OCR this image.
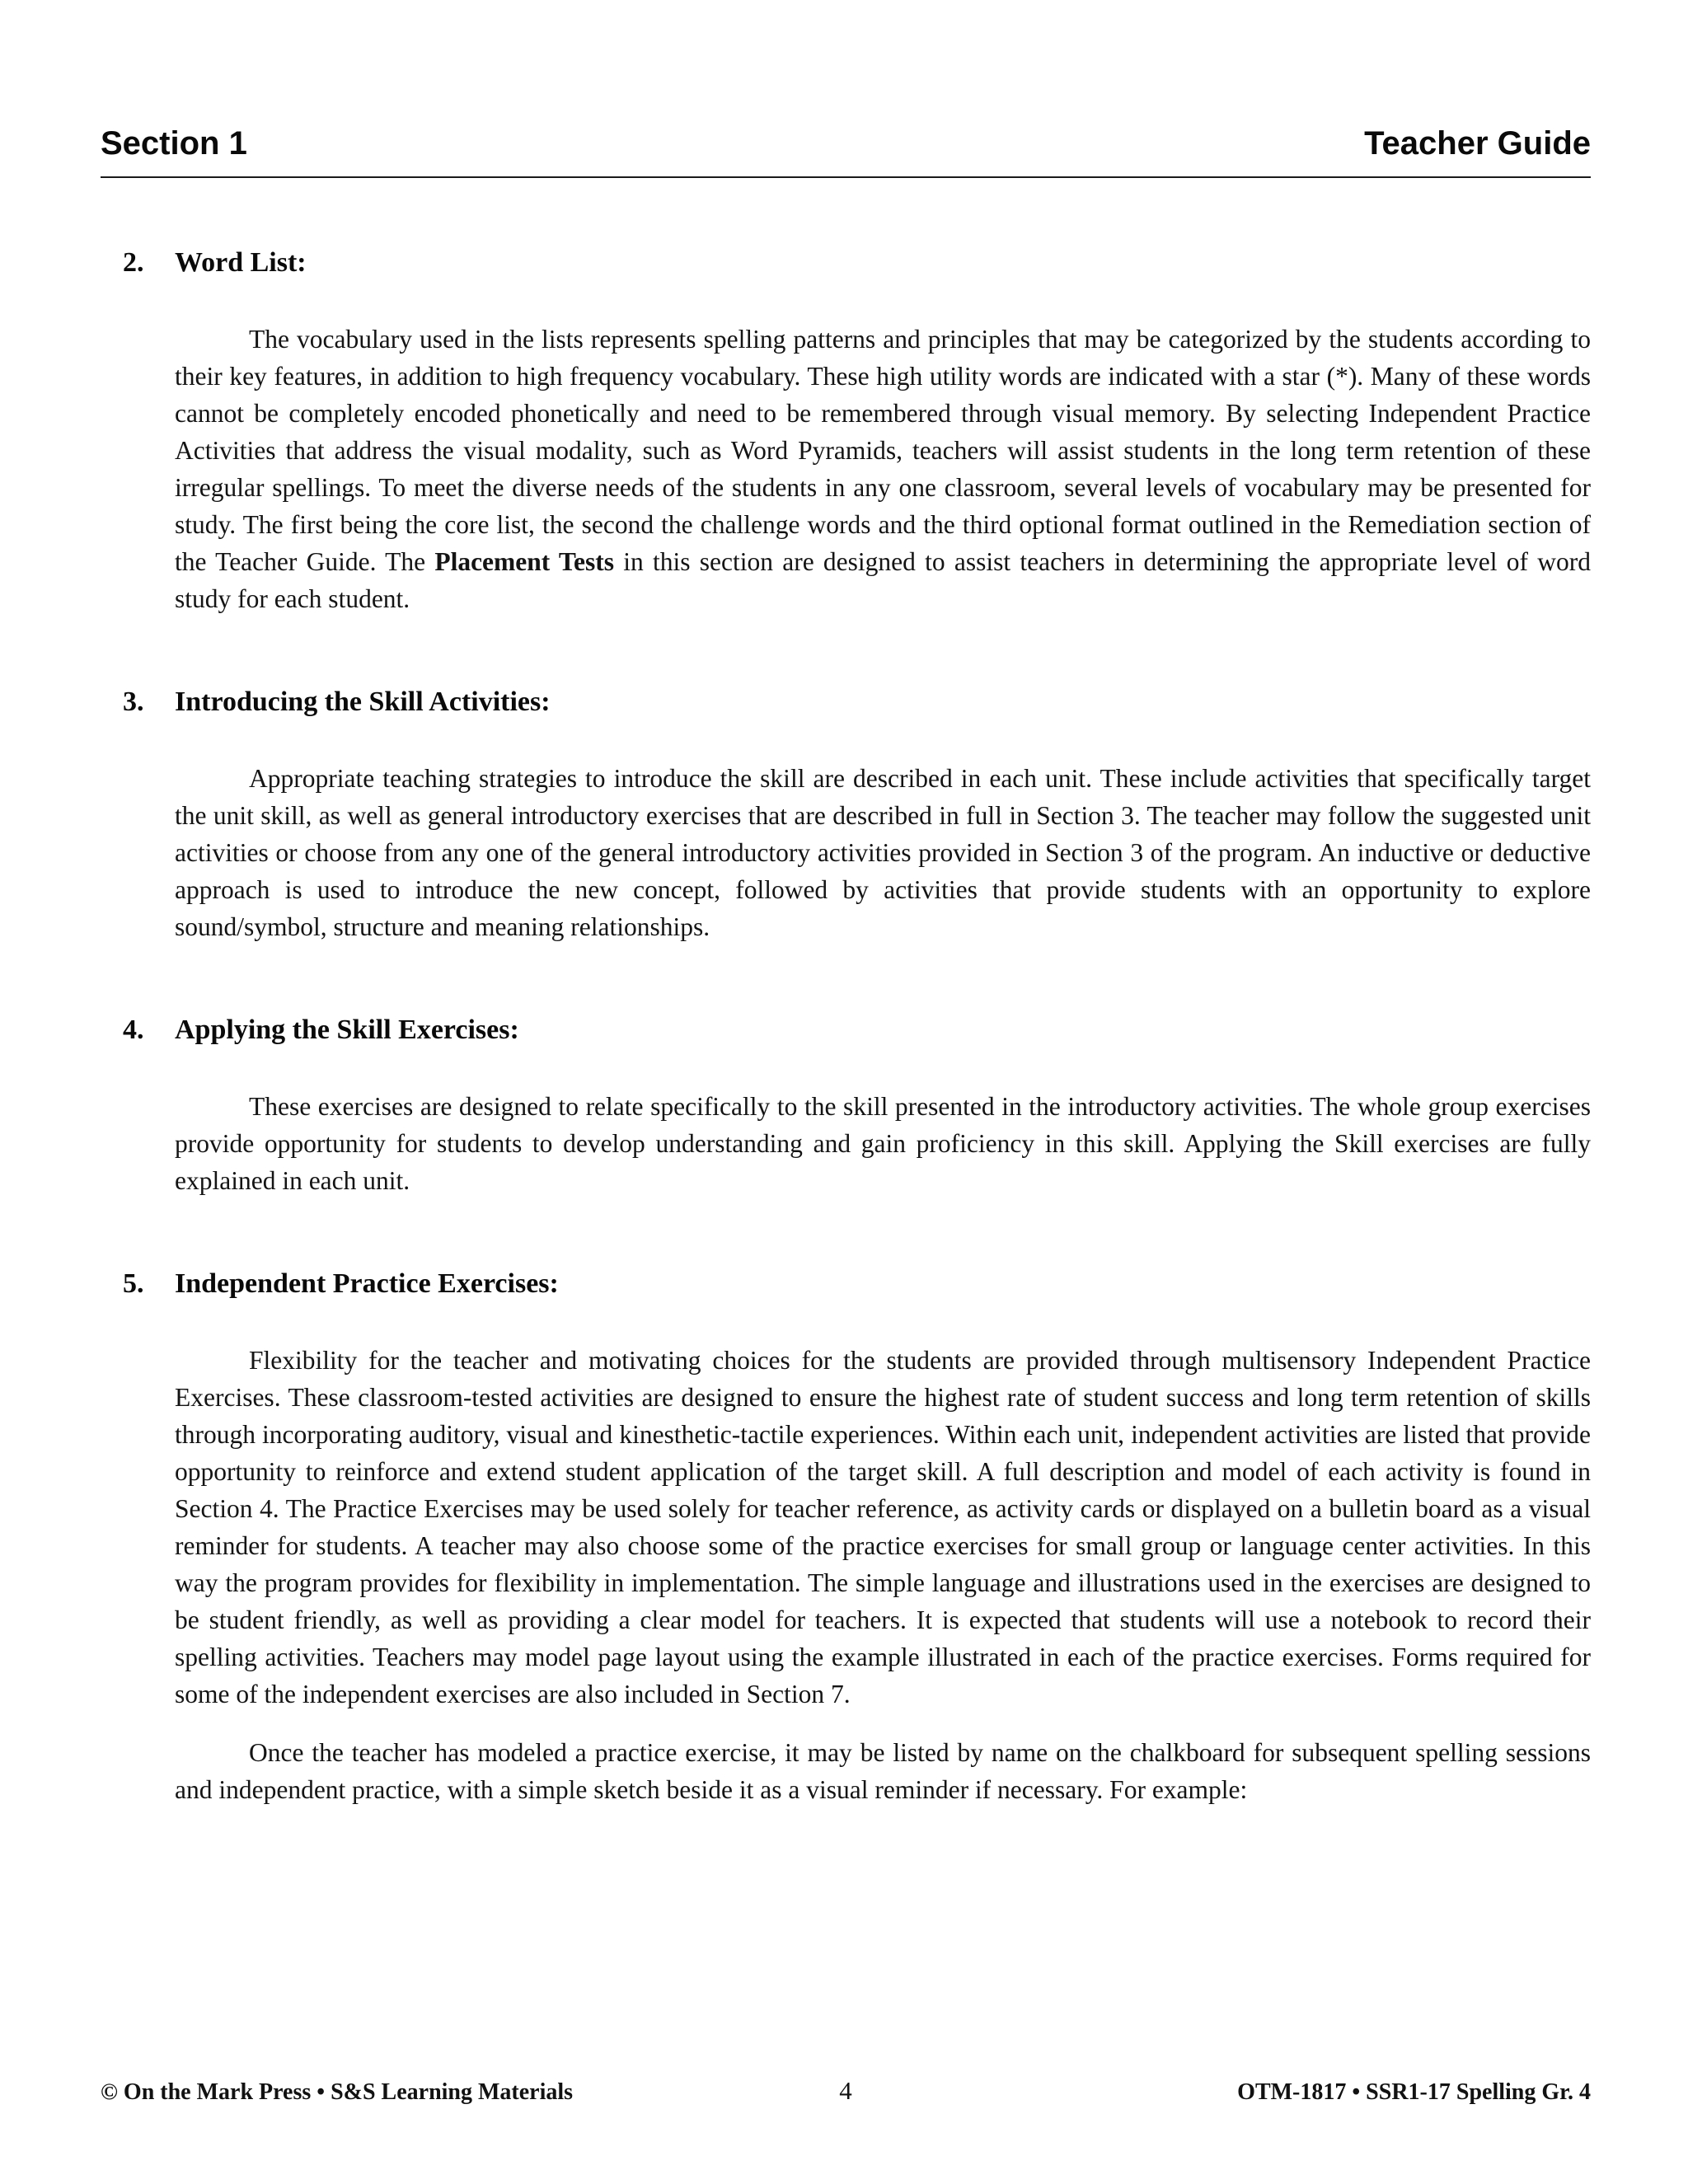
Section 1	Teacher Guide
2.	Word List:

The vocabulary used in the lists represents spelling patterns and principles that may be categorized by the students according to their key features, in addition to high frequency vocabulary. These high utility words are indicated with a star (*). Many of these words cannot be completely encoded phonetically and need to be remembered through visual memory. By selecting Independent Practice Activities that address the visual modality, such as Word Pyramids, teachers will assist students in the long term retention of these irregular spellings. To meet the diverse needs of the students in any one classroom, several levels of vocabulary may be presented for study. The first being the core list, the second the challenge words and the third optional format outlined in the Remediation section of the Teacher Guide. The Placement Tests in this section are designed to assist teachers in determining the appropriate level of word study for each student.

3.	Introducing the Skill Activities:

Appropriate teaching strategies to introduce the skill are described in each unit. These include activities that specifically target the unit skill, as well as general introductory exercises that are described in full in Section 3. The teacher may follow the suggested unit activities or choose from any one of the general introductory activities provided in Section 3 of the program. An inductive or deductive approach is used to introduce the new concept, followed by activities that provide students with an opportunity to explore sound/symbol, structure and meaning relationships.

4.	Applying the Skill Exercises:

These exercises are designed to relate specifically to the skill presented in the introductory activities. The whole group exercises provide opportunity for students to develop understanding and gain proficiency in this skill. Applying the Skill exercises are fully explained in each unit.

5.	Independent Practice Exercises:

Flexibility for the teacher and motivating choices for the students are provided through multisensory Independent Practice Exercises. These classroom-tested activities are designed to ensure the highest rate of student success and long term retention of skills through incorporating auditory, visual and kinesthetic-tactile experiences. Within each unit, independent activities are listed that provide opportunity to reinforce and extend student application of the target skill. A full description and model of each activity is found in Section 4. The Practice Exercises may be used solely for teacher reference, as activity cards or displayed on a bulletin board as a visual reminder for students. A teacher may also choose some of the practice exercises for small group or language center activities. In this way the program provides for flexibility in implementation. The simple language and illustrations used in the exercises are designed to be student friendly, as well as providing a clear model for teachers. It is expected that students will use a notebook to record their spelling activities. Teachers may model page layout using the example illustrated in each of the practice exercises. Forms required for some of the independent exercises are also included in Section 7.

Once the teacher has modeled a practice exercise, it may be listed by name on the chalkboard for subsequent spelling sessions and independent practice, with a simple sketch beside it as a visual reminder if necessary. For example:

© On the Mark Press • S&S Learning Materials	4	OTM-1817 • SSR1-17 Spelling Gr. 4
